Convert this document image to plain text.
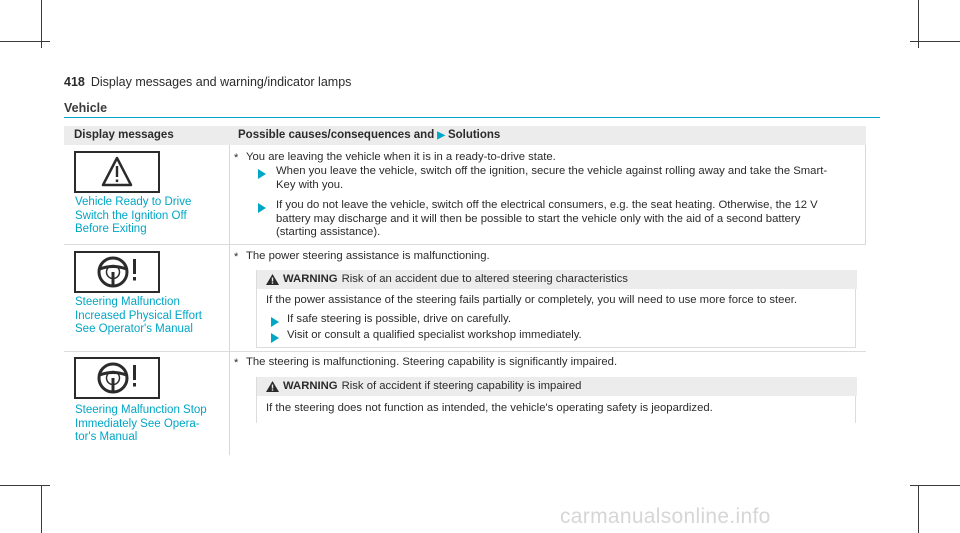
418 Display messages and warning/indicator lamps
Vehicle
Display messages	Possible causes/consequences and ▶ Solutions
Vehicle Ready to Drive
Switch the Ignition Off
Before Exiting
* You are leaving the vehicle when it is in a ready-to-drive state.
When you leave the vehicle, switch off the ignition, secure the vehicle against rolling away and take the Smart-
Key with you.
If you do not leave the vehicle, switch off the electrical consumers, e.g. the seat heating. Otherwise, the 12 V
battery may discharge and it will then be possible to start the vehicle only with the aid of a second battery
(starting assistance).
Steering Malfunction
Increased Physical Effort
See Operator's Manual
* The power steering assistance is malfunctioning.
WARNING Risk of an accident due to altered steering characteristics
If the power assistance of the steering fails partially or completely, you will need to use more force to steer.
If safe steering is possible, drive on carefully.
Visit or consult a qualified specialist workshop immediately.
Steering Malfunction Stop
Immediately See Opera-
tor's Manual
* The steering is malfunctioning. Steering capability is significantly impaired.
WARNING Risk of accident if steering capability is impaired
If the steering does not function as intended, the vehicle's operating safety is jeopardized.
carmanualsonline.info
